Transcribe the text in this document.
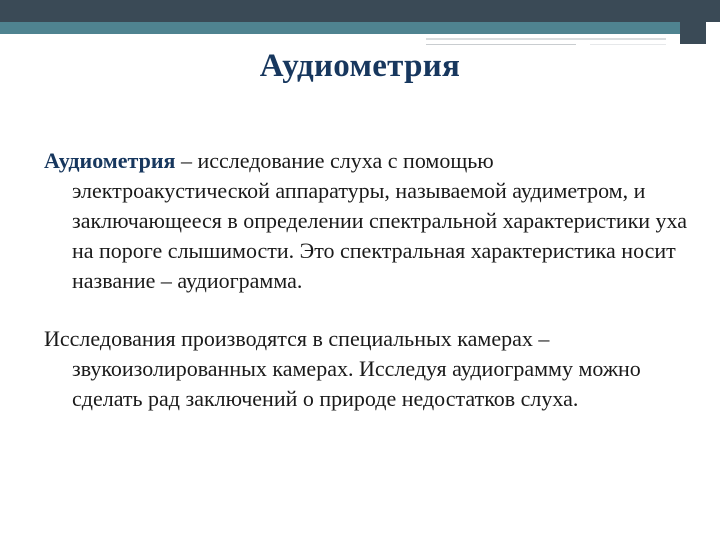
Аудиометрия

Аудиометрия – исследование слуха с помощью электроакустической аппаратуры, называемой аудиметром, и заключающееся в определении спектральной характеристики уха на пороге слышимости. Это спектральная характеристика носит название – аудиограмма.

Исследования производятся в специальных камерах – звукоизолированных камерах. Исследуя аудиограмму можно сделать рад заключений о природе недостатков слуха.
